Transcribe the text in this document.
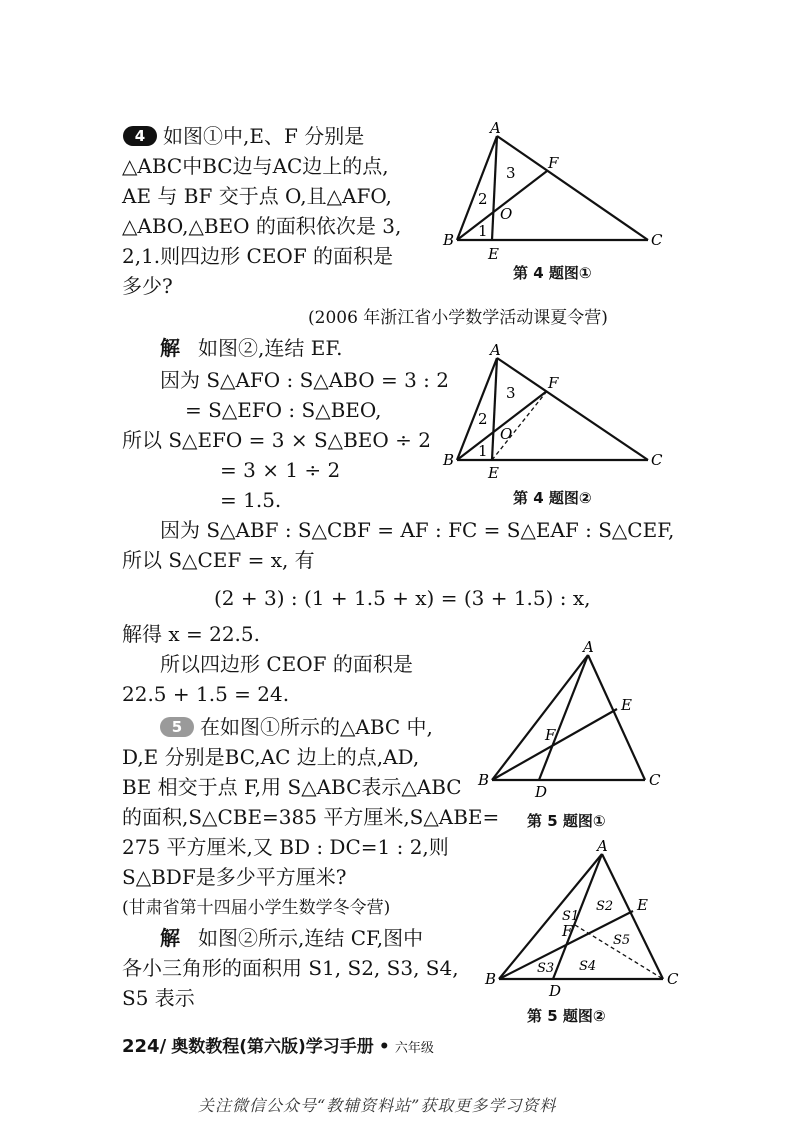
4 如图①中,E、F 分别是
△ABC中BC边与AC边上的点,
AE 与 BF 交于点 O,且△AFO,
△ABO,△BEO 的面积依次是 3,
2,1.则四边形 CEOF 的面积是
多少?
(2006 年浙江省小学数学活动课夏令营)
A
B	C
E
F
O
3
2
1
第 4 题图①
解 如图②,连结 EF.
因为 S△AFO : S△ABO = 3 : 2
= S△EFO : S△BEO,
所以 S△EFO = 3 × S△BEO ÷ 2
= 3 × 1 ÷ 2
= 1.5.
A
B	C
E
F
O
3
2
1
第 4 题图②
因为 S△ABF : S△CBF = AF : FC = S△EAF : S△CEF,
所以 S△CEF = x, 有
(2 + 3) : (1 + 1.5 + x) = (3 + 1.5) : x,
解得 x = 22.5.
所以四边形 CEOF 的面积是
22.5 + 1.5 = 24.
5 在如图①所示的△ABC 中,
D,E 分别是BC,AC 边上的点,AD,
BE 相交于点 F,用 S△ABC表示△ABC
的面积,S△CBE=385 平方厘米,S△ABE=
275 平方厘米,又 BD : DC=1 : 2,则
S△BDF是多少平方厘米?
(甘肃省第十四届小学生数学冬令营)
A
B	C
D
E
F
第 5 题图①
A
B	C
D
E
F
S1
S2
S3 S4
S5
第 5 题图②
解 如图②所示,连结 CF,图中
各小三角形的面积用 S1, S2, S3, S4,
S5 表示
224/ 奥数教程(第六版)学习手册 • 六年级
关注微信公众号“教辅资料站”获取更多学习资料
